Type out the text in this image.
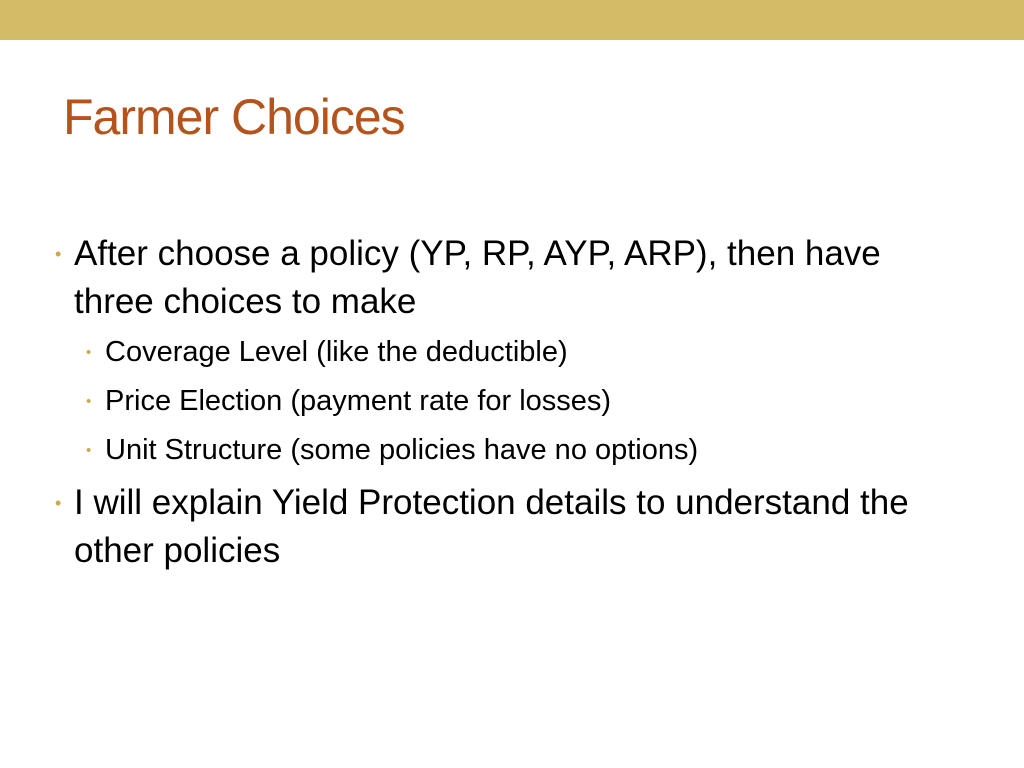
Farmer Choices
• After choose a policy (YP, RP, AYP, ARP), then have three choices to make
• Coverage Level (like the deductible)
• Price Election (payment rate for losses)
• Unit Structure (some policies have no options)
• I will explain Yield Protection details to understand the other policies
